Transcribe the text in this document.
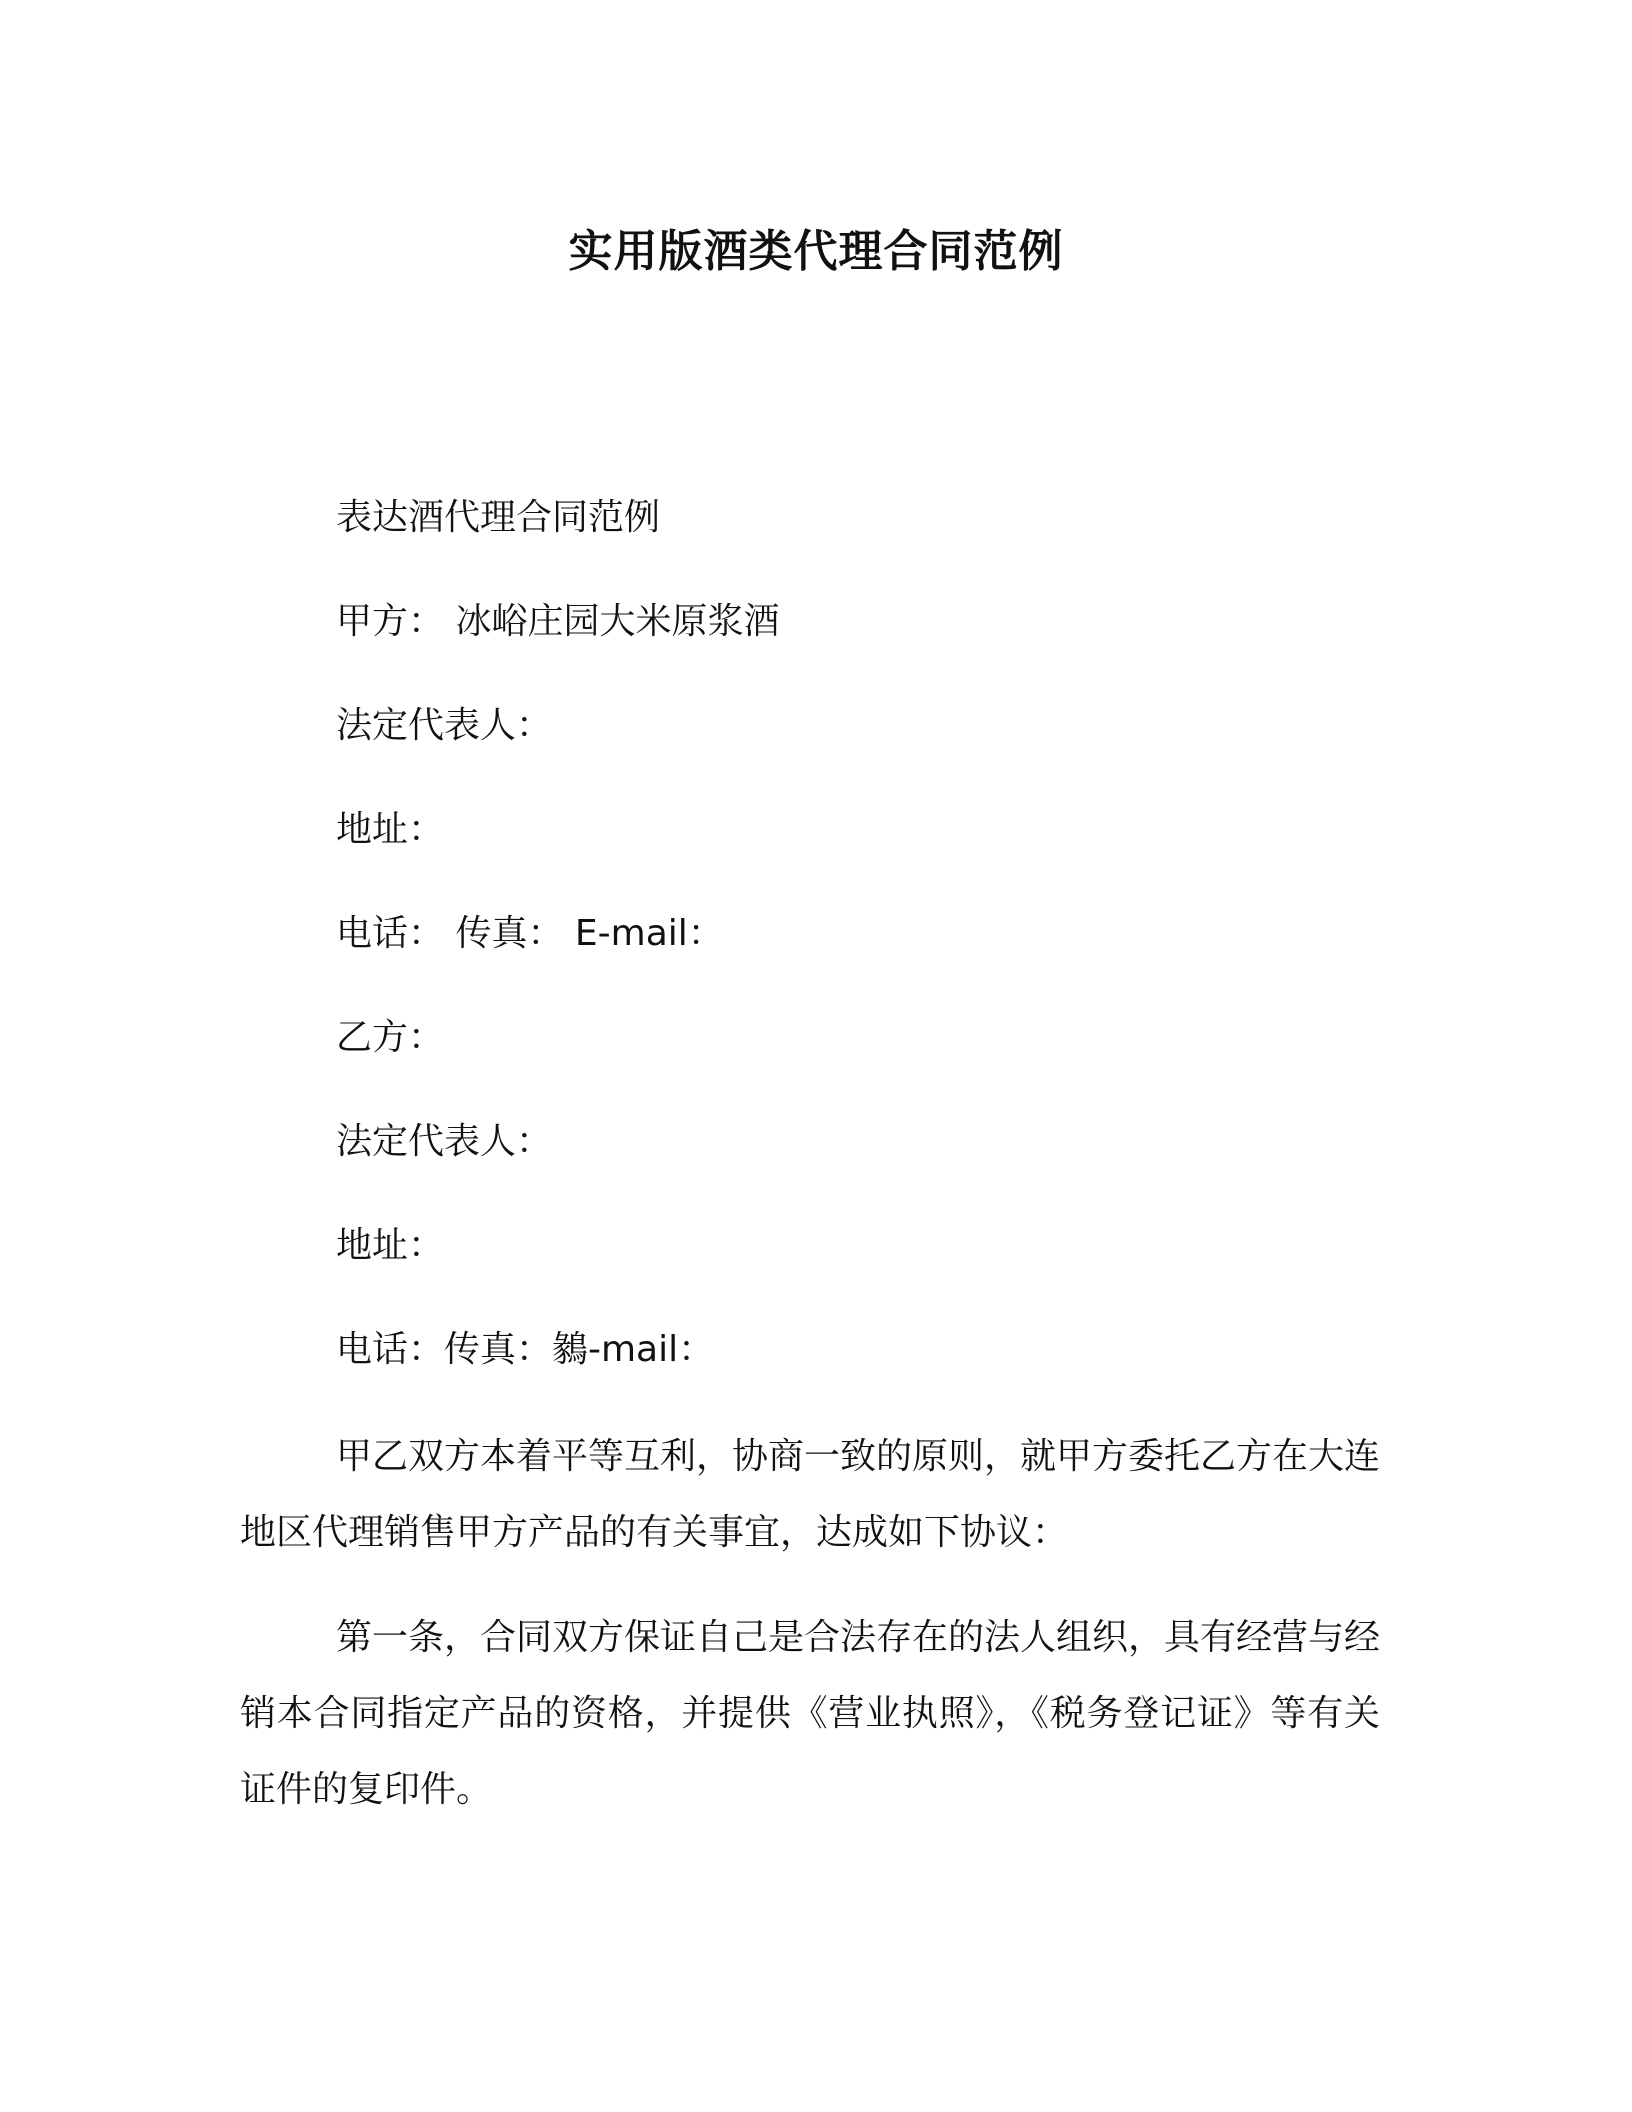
实用版酒类代理合同范例

表达酒代理合同范例

甲方： 冰峪庄园大米原浆酒

法定代表人：

地址：

电话： 传真： E-mail：

乙方：

法定代表人：

地址：

电话：传真：鶨-mail：

甲乙双方本着平等互利，协商一致的原则，就甲方委托乙方在大连地区代理销售甲方产品的有关事宜，达成如下协议：

第一条，合同双方保证自己是合法存在的法人组织，具有经营与经销本合同指定产品的资格，并提供《营业执照》，《税务登记证》等有关证件的复印件。
